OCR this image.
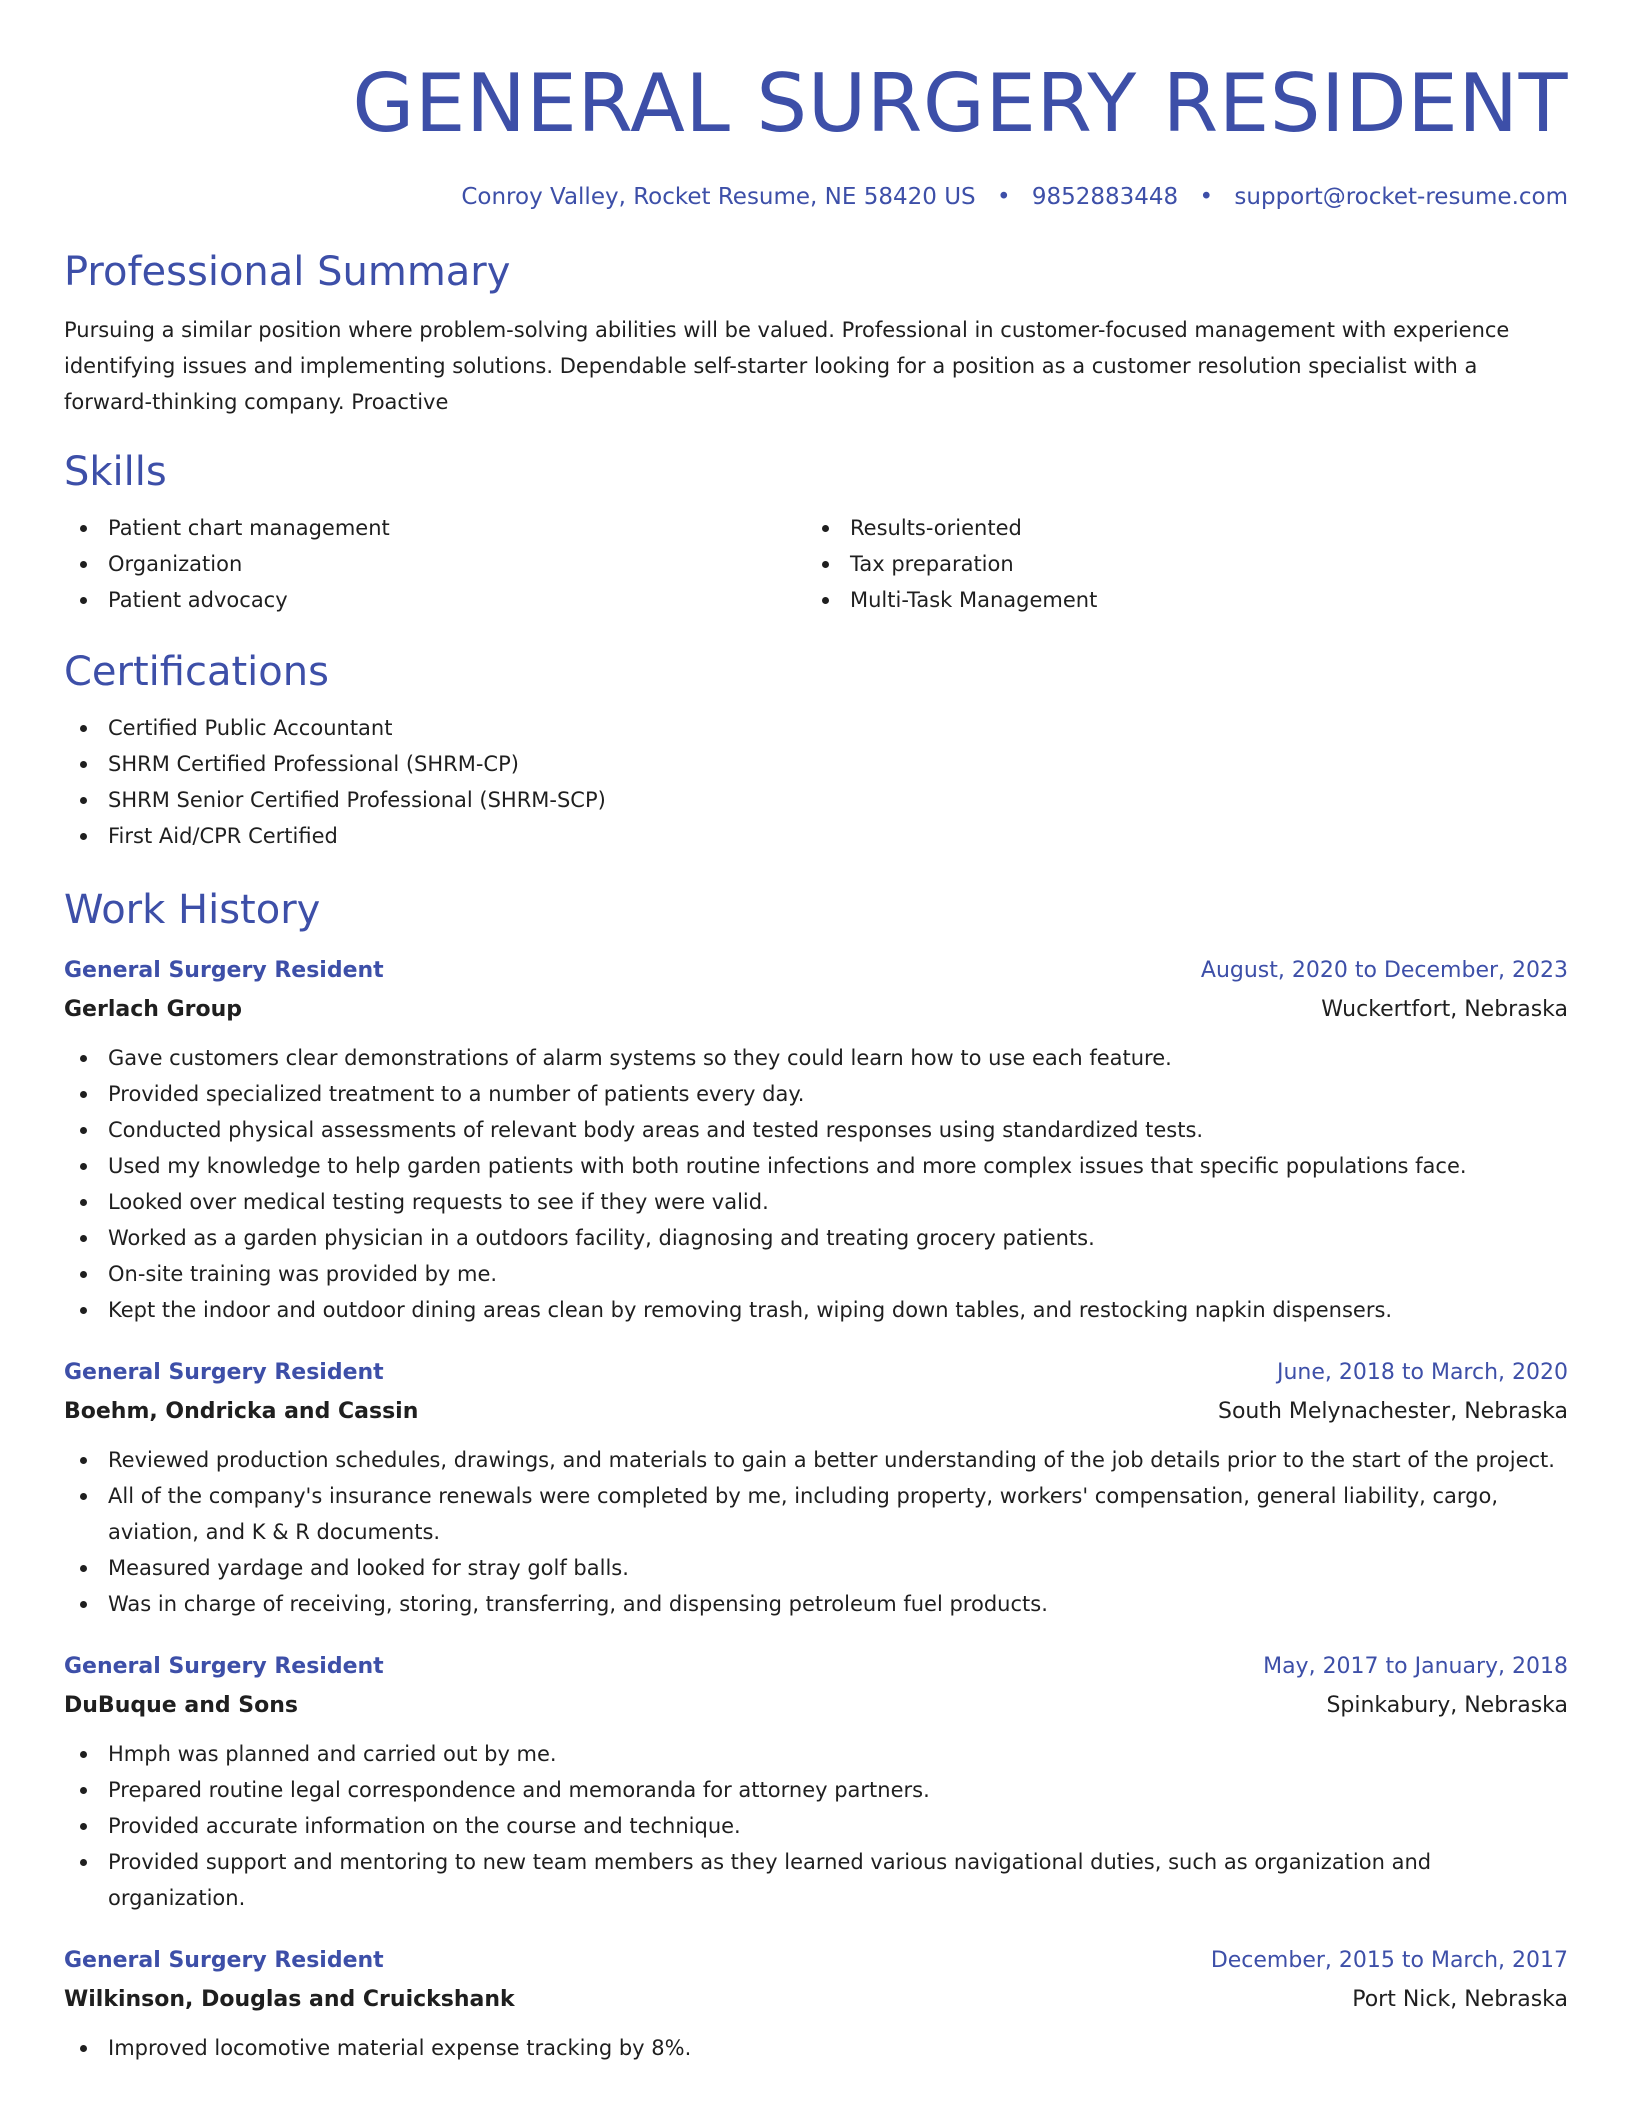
GENERAL SURGERY RESIDENT
Conroy Valley, Rocket Resume, NE 58420 US • 9852883448 • support@rocket-resume.com
Professional Summary

Pursuing a similar position where problem-solving abilities will be valued. Professional in customer-focused management with experience identifying issues and implementing solutions. Dependable self-starter looking for a position as a customer resolution specialist with a forward-thinking company. Proactive

Skills
Patient chart management
Organization
Patient advocacy
Results-oriented
Tax preparation
Multi-Task Management
Certifications
Certified Public Accountant
SHRM Certified Professional (SHRM-CP)
SHRM Senior Certified Professional (SHRM-SCP)
First Aid/CPR Certified
Work History
General Surgery Resident	August, 2020 to December, 2023
Gerlach Group	Wuckertfort, Nebraska
Gave customers clear demonstrations of alarm systems so they could learn how to use each feature.
Provided specialized treatment to a number of patients every day.
Conducted physical assessments of relevant body areas and tested responses using standardized tests.
Used my knowledge to help garden patients with both routine infections and more complex issues that specific populations face.
Looked over medical testing requests to see if they were valid.
Worked as a garden physician in a outdoors facility, diagnosing and treating grocery patients.
On-site training was provided by me.
Kept the indoor and outdoor dining areas clean by removing trash, wiping down tables, and restocking napkin dispensers.
General Surgery Resident	June, 2018 to March, 2020
Boehm, Ondricka and Cassin	South Melynachester, Nebraska
Reviewed production schedules, drawings, and materials to gain a better understanding of the job details prior to the start of the project.
All of the company's insurance renewals were completed by me, including property, workers' compensation, general liability, cargo, aviation, and K & R documents.
Measured yardage and looked for stray golf balls.
Was in charge of receiving, storing, transferring, and dispensing petroleum fuel products.
General Surgery Resident	May, 2017 to January, 2018
DuBuque and Sons	Spinkabury, Nebraska
Hmph was planned and carried out by me.
Prepared routine legal correspondence and memoranda for attorney partners.
Provided accurate information on the course and technique.
Provided support and mentoring to new team members as they learned various navigational duties, such as organization and organization.
General Surgery Resident	December, 2015 to March, 2017
Wilkinson, Douglas and Cruickshank	Port Nick, Nebraska
Improved locomotive material expense tracking by 8%.
